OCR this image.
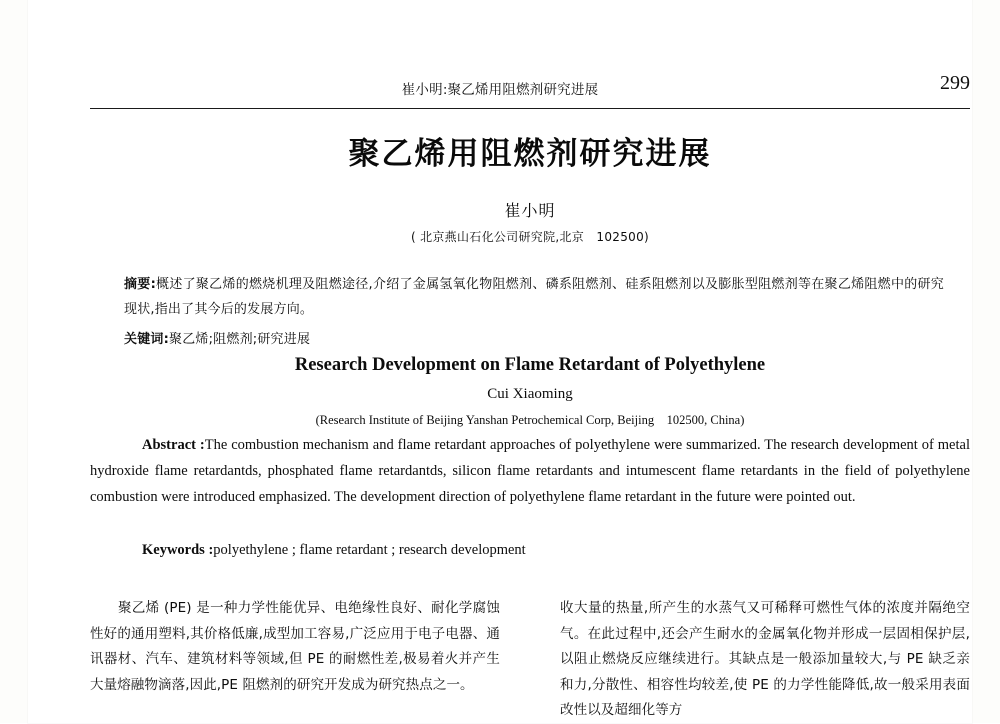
崔小明:聚乙烯用阻燃剂研究进展	299
聚乙烯用阻燃剂研究进展
崔小明
( 北京燕山石化公司研究院,北京　102500)
摘要:概述了聚乙烯的燃烧机理及阻燃途径,介绍了金属氢氧化物阻燃剂、磷系阻燃剂、硅系阻燃剂以及膨胀型阻燃剂等在聚乙烯阻燃中的研究现状,指出了其今后的发展方向。
关键词:聚乙烯;阻燃剂;研究进展
Research Development on Flame Retardant of Polyethylene
Cui Xiaoming
(Research Institute of Beijing Yanshan Petrochemical Corp, Beijing　102500, China)
Abstract :The combustion mechanism and flame retardant approaches of polyethylene were summarized. The research development of metal hydroxide flame retardantds, phosphated flame retardantds, silicon flame retardants and intumescent flame retardants in the field of polyethylene combustion were introduced emphasized. The development direction of polyethylene flame retardant in the future were pointed out.
Keywords :polyethylene ; flame retardant ; research development

聚乙烯 (PE) 是一种力学性能优异、电绝缘性良好、耐化学腐蚀性好的通用塑料,其价格低廉,成型加工容易,广泛应用于电子电器、通讯器材、汽车、建筑材料等领域,但 PE 的耐燃性差,极易着火并产生大量熔融物滴落,因此,PE 阻燃剂的研究开发成为研究热点之一。

收大量的热量,所产生的水蒸气又可稀释可燃性气体的浓度并隔绝空气。在此过程中,还会产生耐水的金属氧化物并形成一层固相保护层,以阻止燃烧反应继续进行。其缺点是一般添加量较大,与 PE 缺乏亲和力,分散性、相容性均较差,使 PE 的力学性能降低,故一般采用表面改性以及超细化等方
